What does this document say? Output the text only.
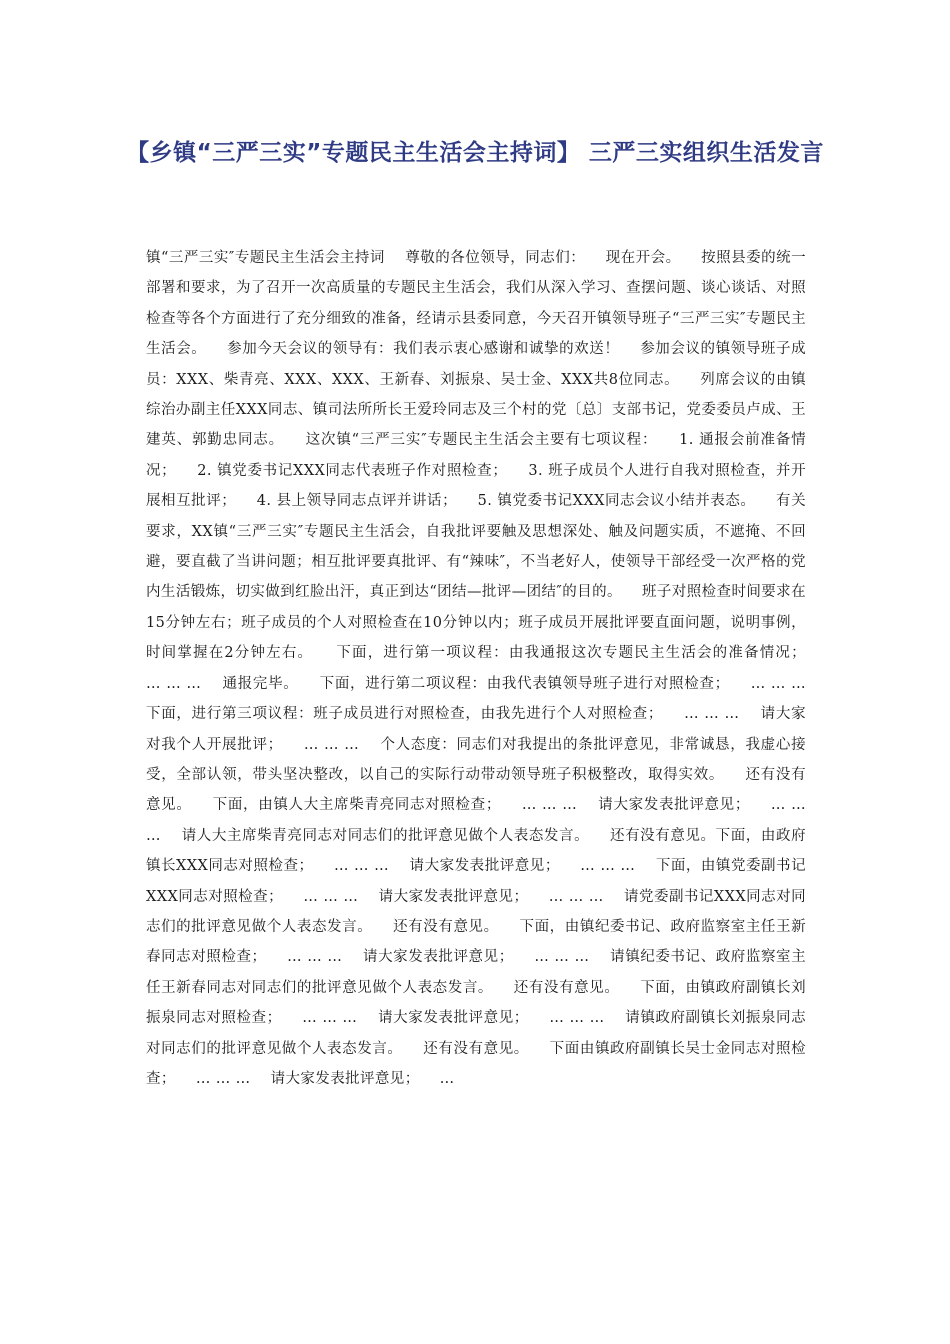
【乡镇“三严三实”专题民主生活会主持词】 三严三实组织生活发言

镇“三严三实″专题民主生活会主持词    尊敬的各位领导，同志们：    现在开会。    按照县委的统一部署和要求，为了召开一次高质量的专题民主生活会，我们从深入学习、查摆问题、谈心谈话、对照检查等各个方面进行了充分细致的准备，经请示县委同意，今天召开镇领导班子“三严三实″专题民主生活会。    参加今天会议的领导有：我们表示衷心感谢和诚挚的欢送！    参加会议的镇领导班子成员：XXX、柴青亮、XXX、XXX、王新春、刘振泉、吴士金、XXX共8位同志。    列席会议的由镇综治办副主任XXX同志、镇司法所所长王爱玲同志及三个村的党〔总〕支部书记，党委委员卢成、王建英、郭勤忠同志。    这次镇“三严三实″专题民主生活会主要有七项议程：    1. 通报会前准备情况；    2. 镇党委书记XXX同志代表班子作对照检查；    3. 班子成员个人进行自我对照检查，并开展相互批评；    4. 县上领导同志点评并讲话；    5. 镇党委书记XXX同志会议小结并表态。    有关要求，XX镇“三严三实″专题民主生活会，自我批评要触及思想深处、触及问题实质，不遮掩、不回避，要直截了当讲问题；相互批评要真批评、有“辣味″，不当老好人，使领导干部经受一次严格的党内生活锻炼，切实做到红脸出汗，真正到达“团结—批评—团结″的目的。    班子对照检查时间要求在15分钟左右；班子成员的个人对照检查在10分钟以内；班子成员开展批评要直面问题，说明事例，时间掌握在2分钟左右。    下面，进行第一项议程：由我通报这次专题民主生活会的准备情况；    … … …    通报完毕。    下面，进行第二项议程：由我代表镇领导班子进行对照检查；    … … …    下面，进行第三项议程：班子成员进行对照检查，由我先进行个人对照检查；    … … …    请大家对我个人开展批评；    … … …    个人态度：同志们对我提出的条批评意见，非常诚恳，我虚心接受，全部认领，带头坚决整改，以自己的实际行动带动领导班子积极整改，取得实效。    还有没有意见。    下面，由镇人大主席柴青亮同志对照检查；    … … …    请大家发表批评意见；    … … …    请人大主席柴青亮同志对同志们的批评意见做个人表态发言。    还有没有意见。下面，由政府镇长XXX同志对照检查；    … … …    请大家发表批评意见；    … … …    下面，由镇党委副书记XXX同志对照检查；    … … …    请大家发表批评意见；    … … …    请党委副书记XXX同志对同志们的批评意见做个人表态发言。    还有没有意见。    下面，由镇纪委书记、政府监察室主任王新春同志对照检查；    … … …    请大家发表批评意见；    … … …    请镇纪委书记、政府监察室主任王新春同志对同志们的批评意见做个人表态发言。    还有没有意见。    下面，由镇政府副镇长刘振泉同志对照检查；    … … …    请大家发表批评意见；    … … …    请镇政府副镇长刘振泉同志对同志们的批评意见做个人表态发言。    还有没有意见。    下面由镇政府副镇长吴士金同志对照检查；    … … …    请大家发表批评意见；    …
